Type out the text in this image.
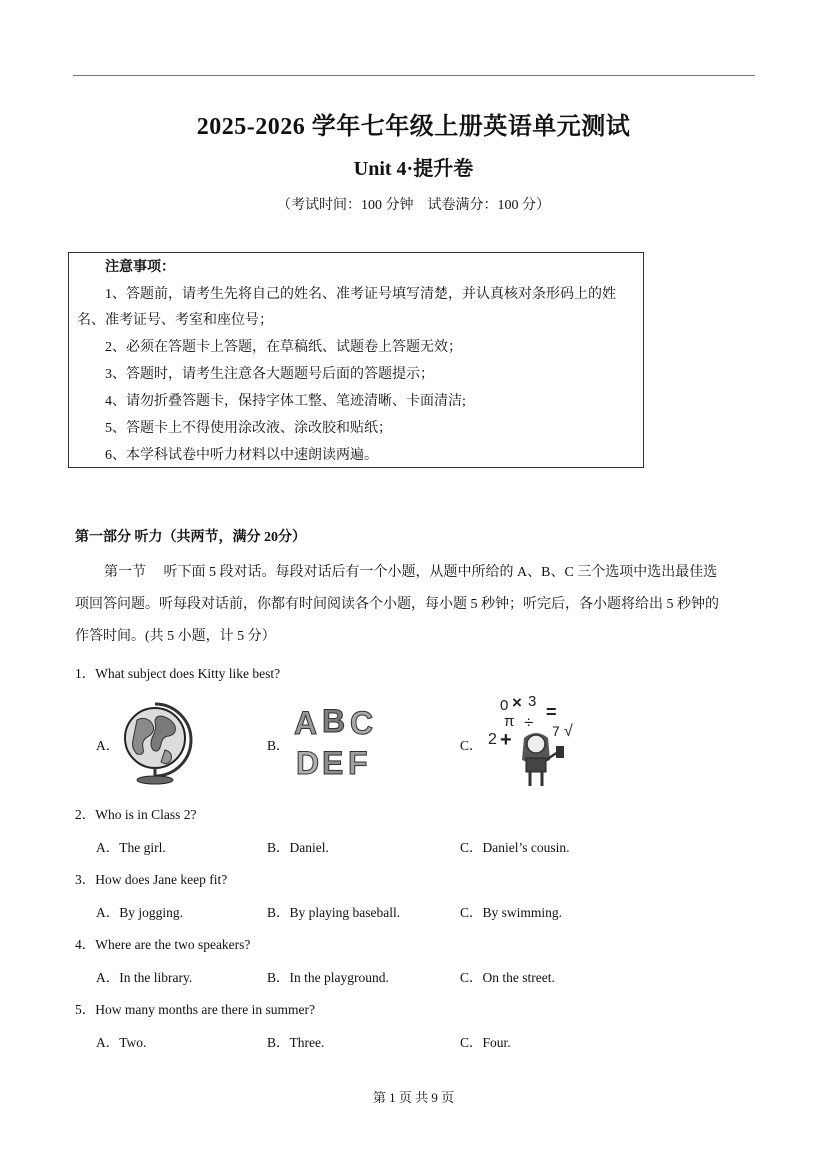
2025-2026 学年七年级上册英语单元测试
Unit 4·提升卷
（考试时间：100 分钟　试卷满分：100 分）
注意事项：
1、答题前，请考生先将自己的姓名、准考证号填写清楚，并认真核对条形码上的姓
名、准考证号、考室和座位号；
2、必须在答题卡上答题，在草稿纸、试题卷上答题无效；
3、答题时，请考生注意各大题题号后面的答题提示；
4、请勿折叠答题卡，保持字体工整、笔迹清晰、卡面清洁;
5、答题卡上不得使用涂改液、涂改胶和贴纸；
6、本学科试卷中听力材料以中速朗读两遍。
第一部分 听力（共两节，满分 20分）
第一节　 听下面 5 段对话。每段对话后有一个小题，从题中所给的 A、B、C 三个选项中选出最佳选
项回答问题。听每段对话前，你都有时间阅读各个小题，每小题 5 秒钟；听完后，各小题将给出 5 秒钟的
作答时间。(共 5 小题，计 5 分）
1．What subject does Kitty like best?
A．	B．
A B C
D E F	C．
0 × 3
π ÷
=
2 +	7 √
2．Who is in Class 2?
A．The girl.	B．Daniel.	C．Daniel’s cousin.
3．How does Jane keep fit?
A．By jogging.	B．By playing baseball.	C．By swimming.
4．Where are the two speakers?
A．In the library.	B．In the playground.	C．On the street.
5．How many months are there in summer?
A．Two.	B．Three.	C．Four.
第 1 页 共 9 页
